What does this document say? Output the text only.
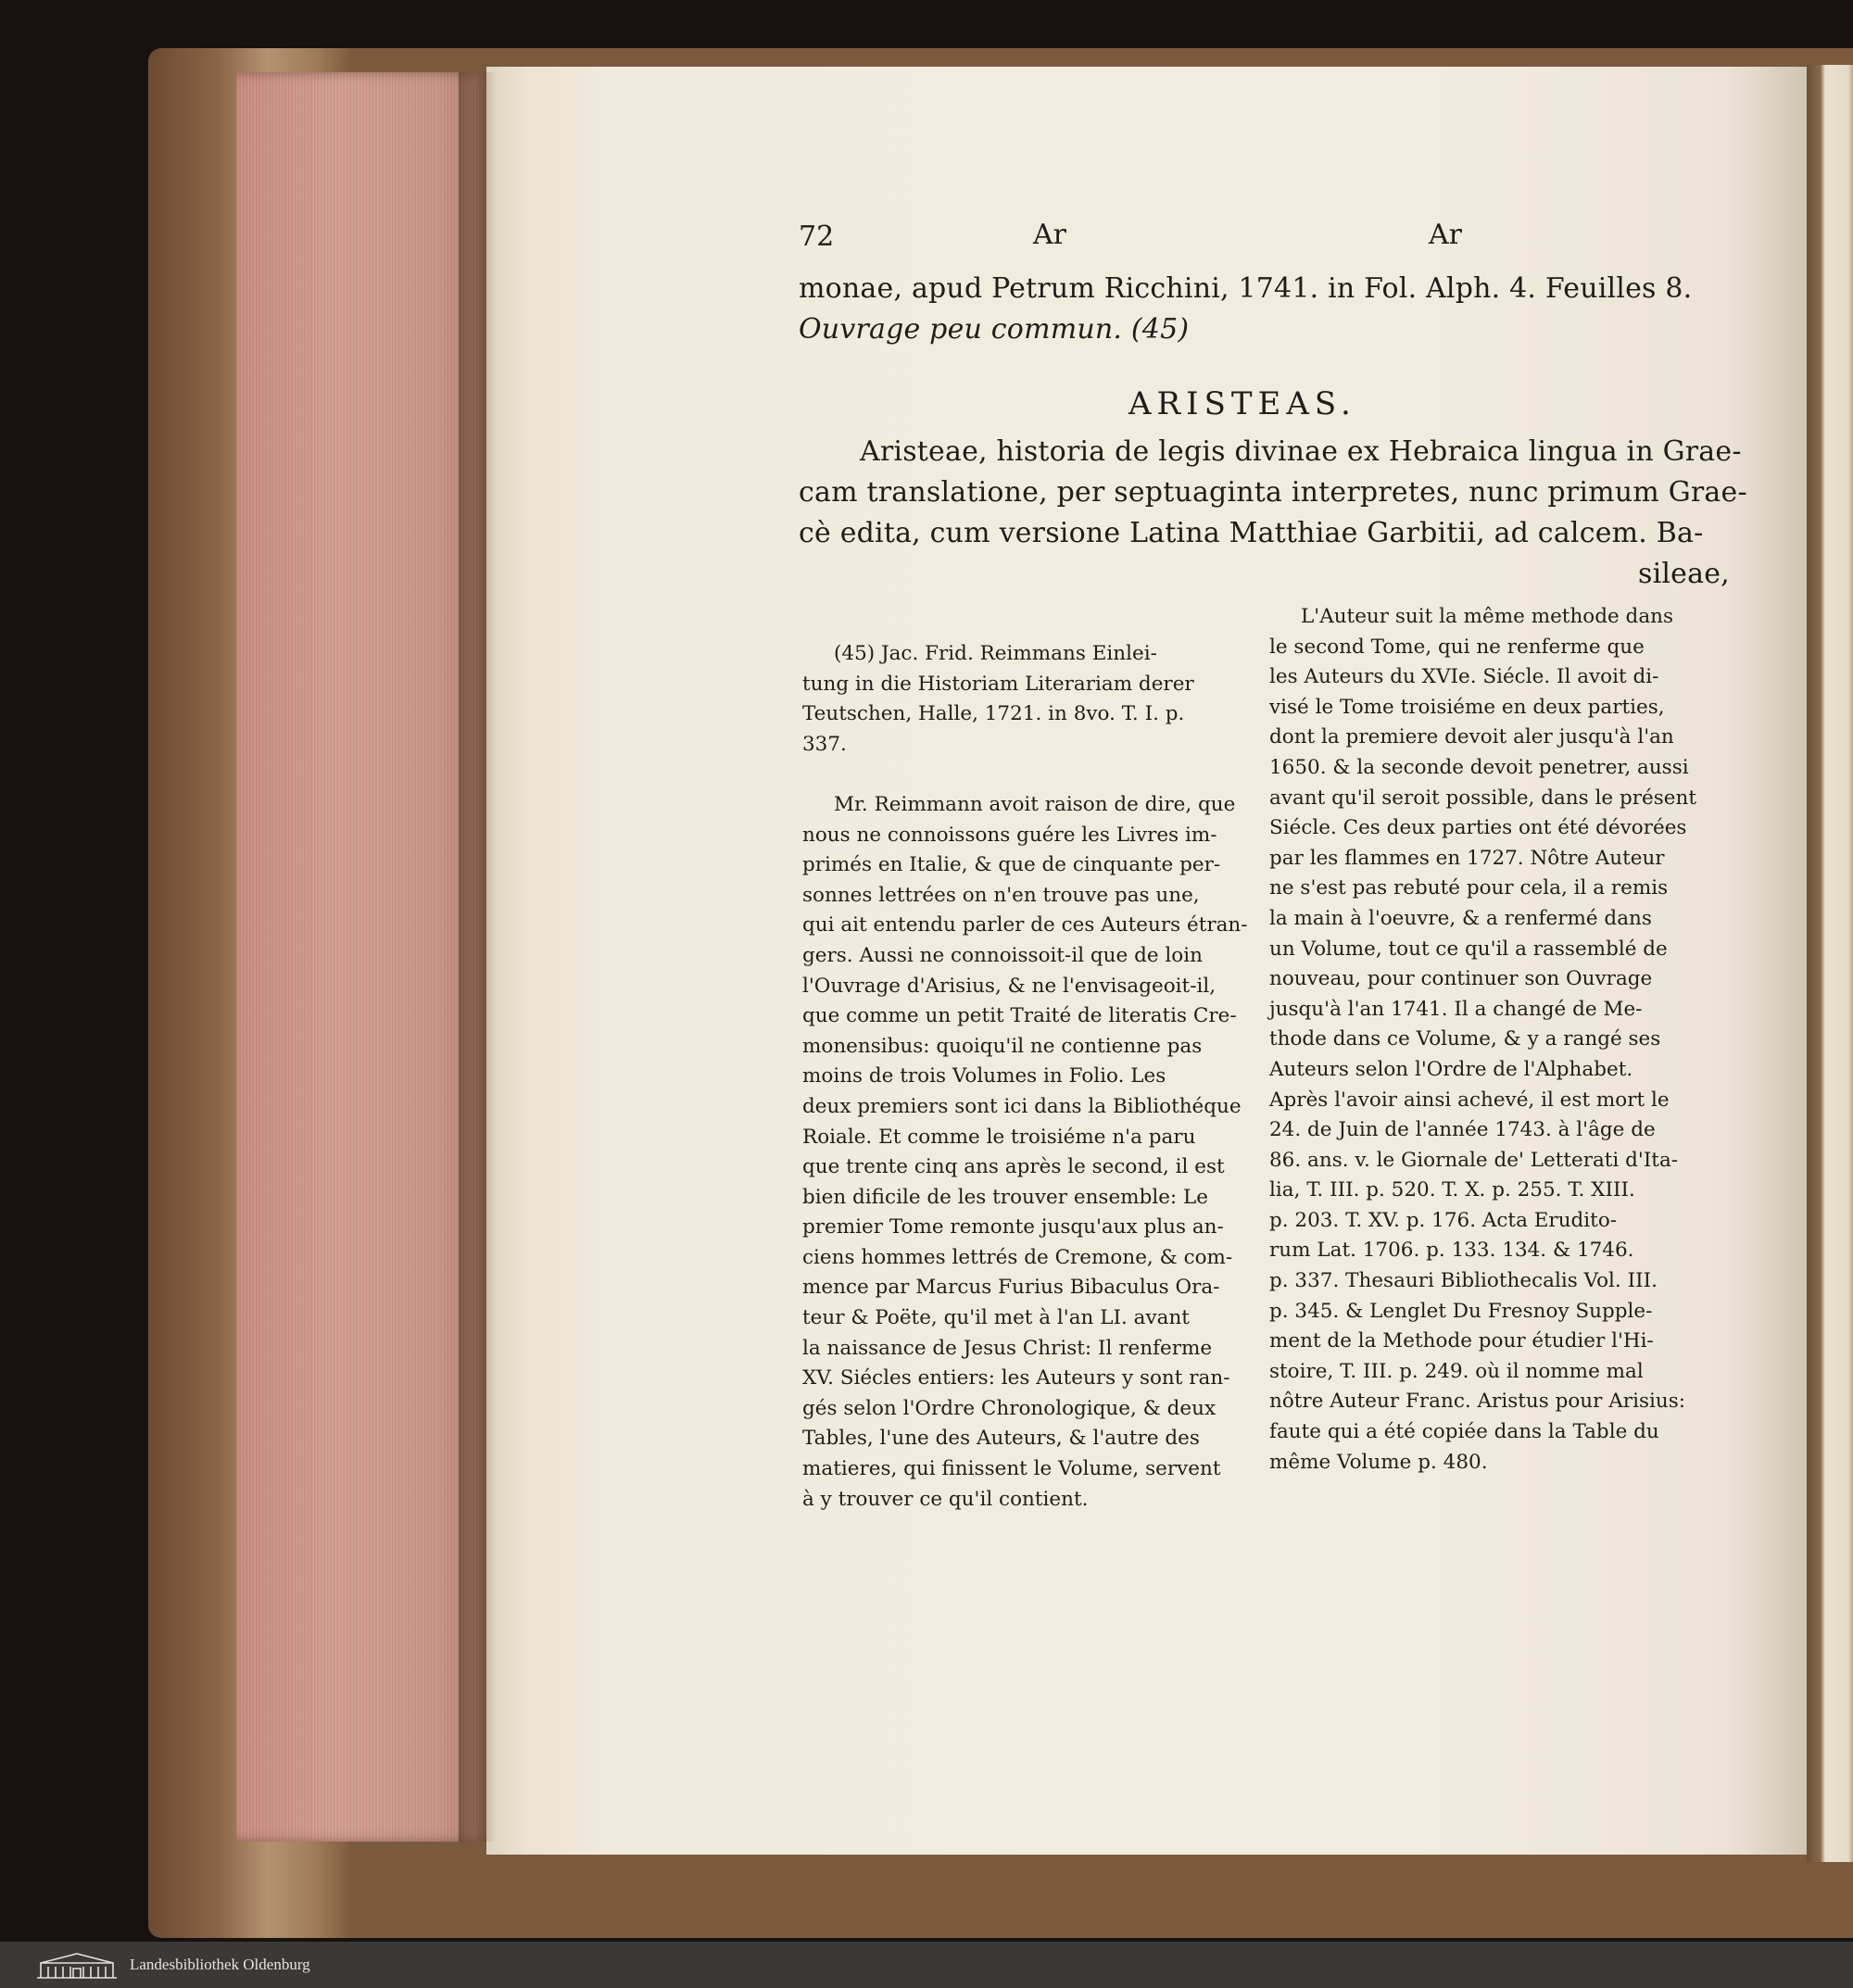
72	Ar	Ar
monae, apud Petrum Ricchini, 1741. in Fol. Alph. 4. Feuilles 8.
Ouvrage peu commun. (45)
ARISTEAS.
Aristeae, historia de legis divinae ex Hebraica lingua in Grae-
cam translatione, per septuaginta interpretes, nunc primum Grae-
cè edita, cum versione Latina Matthiae Garbitii, ad calcem. Ba-
sileae,
(45) Jac. Frid. Reimmans Einlei-
tung in die Historiam Literariam derer
Teutschen, Halle, 1721. in 8vo. T. I. p.
337.
Mr. Reimmann avoit raison de dire, que
nous ne connoissons guére les Livres im-
primés en Italie, & que de cinquante per-
sonnes lettrées on n'en trouve pas une,
qui ait entendu parler de ces Auteurs étran-
gers. Aussi ne connoissoit-il que de loin
l'Ouvrage d'Arisius, & ne l'envisageoit-il,
que comme un petit Traité de literatis Cre-
monensibus: quoiqu'il ne contienne pas
moins de trois Volumes in Folio. Les
deux premiers sont ici dans la Bibliothéque
Roiale. Et comme le troisiéme n'a paru
que trente cinq ans après le second, il est
bien dificile de les trouver ensemble: Le
premier Tome remonte jusqu'aux plus an-
ciens hommes lettrés de Cremone, & com-
mence par Marcus Furius Bibaculus Ora-
teur & Poëte, qu'il met à l'an LI. avant
la naissance de Jesus Christ: Il renferme
XV. Siécles entiers: les Auteurs y sont ran-
gés selon l'Ordre Chronologique, & deux
Tables, l'une des Auteurs, & l'autre des
matieres, qui finissent le Volume, servent
à y trouver ce qu'il contient.
L'Auteur suit la même methode dans
le second Tome, qui ne renferme que
les Auteurs du XVIe. Siécle. Il avoit di-
visé le Tome troisiéme en deux parties,
dont la premiere devoit aler jusqu'à l'an
1650. & la seconde devoit penetrer, aussi
avant qu'il seroit possible, dans le présent
Siécle. Ces deux parties ont été dévorées
par les flammes en 1727. Nôtre Auteur
ne s'est pas rebuté pour cela, il a remis
la main à l'oeuvre, & a renfermé dans
un Volume, tout ce qu'il a rassemblé de
nouveau, pour continuer son Ouvrage
jusqu'à l'an 1741. Il a changé de Me-
thode dans ce Volume, & y a rangé ses
Auteurs selon l'Ordre de l'Alphabet.
Après l'avoir ainsi achevé, il est mort le
24. de Juin de l'année 1743. à l'âge de
86. ans. v. le Giornale de' Letterati d'Ita-
lia, T. III. p. 520. T. X. p. 255. T. XIII.
p. 203. T. XV. p. 176. Acta Erudito-
rum Lat. 1706. p. 133. 134. & 1746.
p. 337. Thesauri Bibliothecalis Vol. III.
p. 345. & Lenglet Du Fresnoy Supple-
ment de la Methode pour étudier l'Hi-
stoire, T. III. p. 249. où il nomme mal
nôtre Auteur Franc. Aristus pour Arisius:
faute qui a été copiée dans la Table du
même Volume p. 480.
Landesbibliothek Oldenburg
